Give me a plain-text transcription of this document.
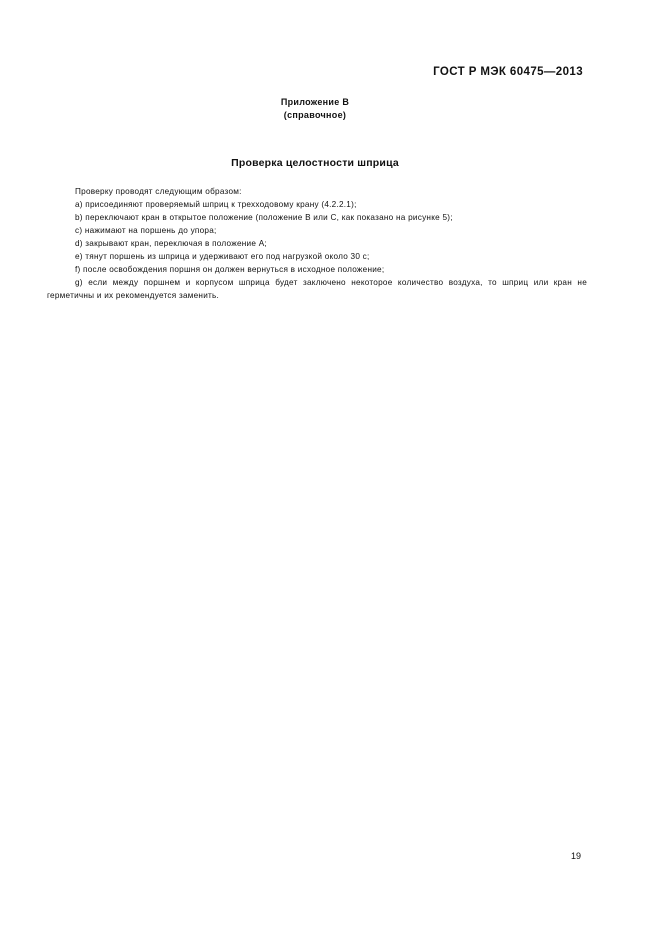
ГОСТ Р МЭК 60475—2013
Приложение В
(справочное)
Проверка целостности шприца

Проверку проводят следующим образом:

a) присоединяют проверяемый шприц к трехходовому крану (4.2.2.1);

b) переключают кран в открытое положение (положение B или C, как показано на рисунке 5);

c) нажимают на поршень до упора;

d) закрывают кран, переключая в положение A;

e) тянут поршень из шприца и удерживают его под нагрузкой около 30 с;

f) после освобождения поршня он должен вернуться в исходное положение;

g) если между поршнем и корпусом шприца будет заключено некоторое количество воздуха, то шприц или кран не герметичны и их рекомендуется заменить.

19
